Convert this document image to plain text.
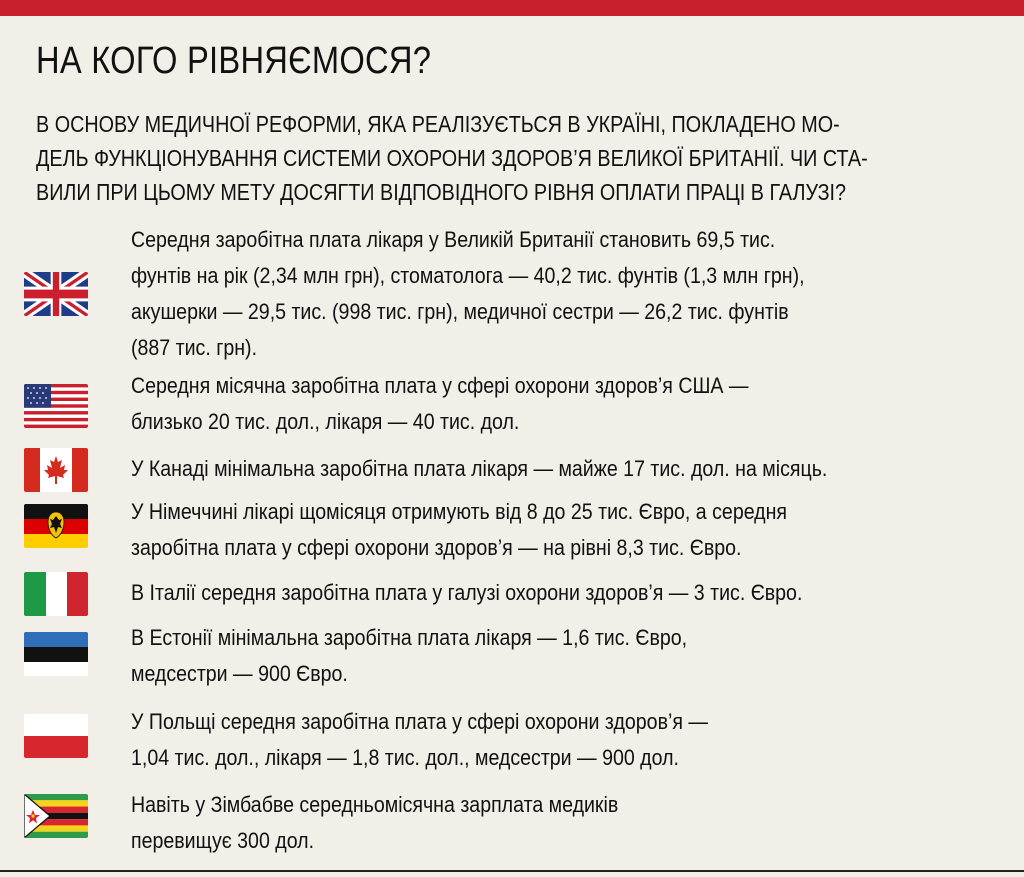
НА КОГО РІВНЯЄМОСЯ?
В ОСНОВУ МЕДИЧНОЇ РЕФОРМИ, ЯКА РЕАЛІЗУЄТЬСЯ В УКРАЇНІ, ПОКЛАДЕНО МО-
ДЕЛЬ ФУНКЦІОНУВАННЯ СИСТЕМИ ОХОРОНИ ЗДОРОВ’Я ВЕЛИКОЇ БРИТАНІЇ. ЧИ СТА-
ВИЛИ ПРИ ЦЬОМУ МЕТУ ДОСЯГТИ ВІДПОВІДНОГО РІВНЯ ОПЛАТИ ПРАЦІ В ГАЛУЗІ?

Середня заробітна плата лікаря у Великій Британії становить 69,5 тис.
фунтів на рік (2,34 млн грн), стоматолога — 40,2 тис. фунтів (1,3 млн грн),
акушерки — 29,5 тис. (998 тис. грн), медичної сестри — 26,2 тис. фунтів
(887 тис. грн).

Середня місячна заробітна плата у сфері охорони здоров’я США —
близько 20 тис. дол., лікаря — 40 тис. дол.

У Канаді мінімальна заробітна плата лікаря — майже 17 тис. дол. на місяць.

У Німеччині лікарі щомісяця отримують від 8 до 25 тис. Євро, а середня
заробітна плата у сфері охорони здоров’я — на рівні 8,3 тис. Євро.

В Італії середня заробітна плата у галузі охорони здоров’я — 3 тис. Євро.

В Естонії мінімальна заробітна плата лікаря — 1,6 тис. Євро,
медсестри — 900 Євро.

У Польщі середня заробітна плата у сфері охорони здоров’я —
1,04 тис. дол., лікаря — 1,8 тис. дол., медсестри — 900 дол.

Навіть у Зімбабве середньомісячна зарплата медиків
перевищує 300 дол.
